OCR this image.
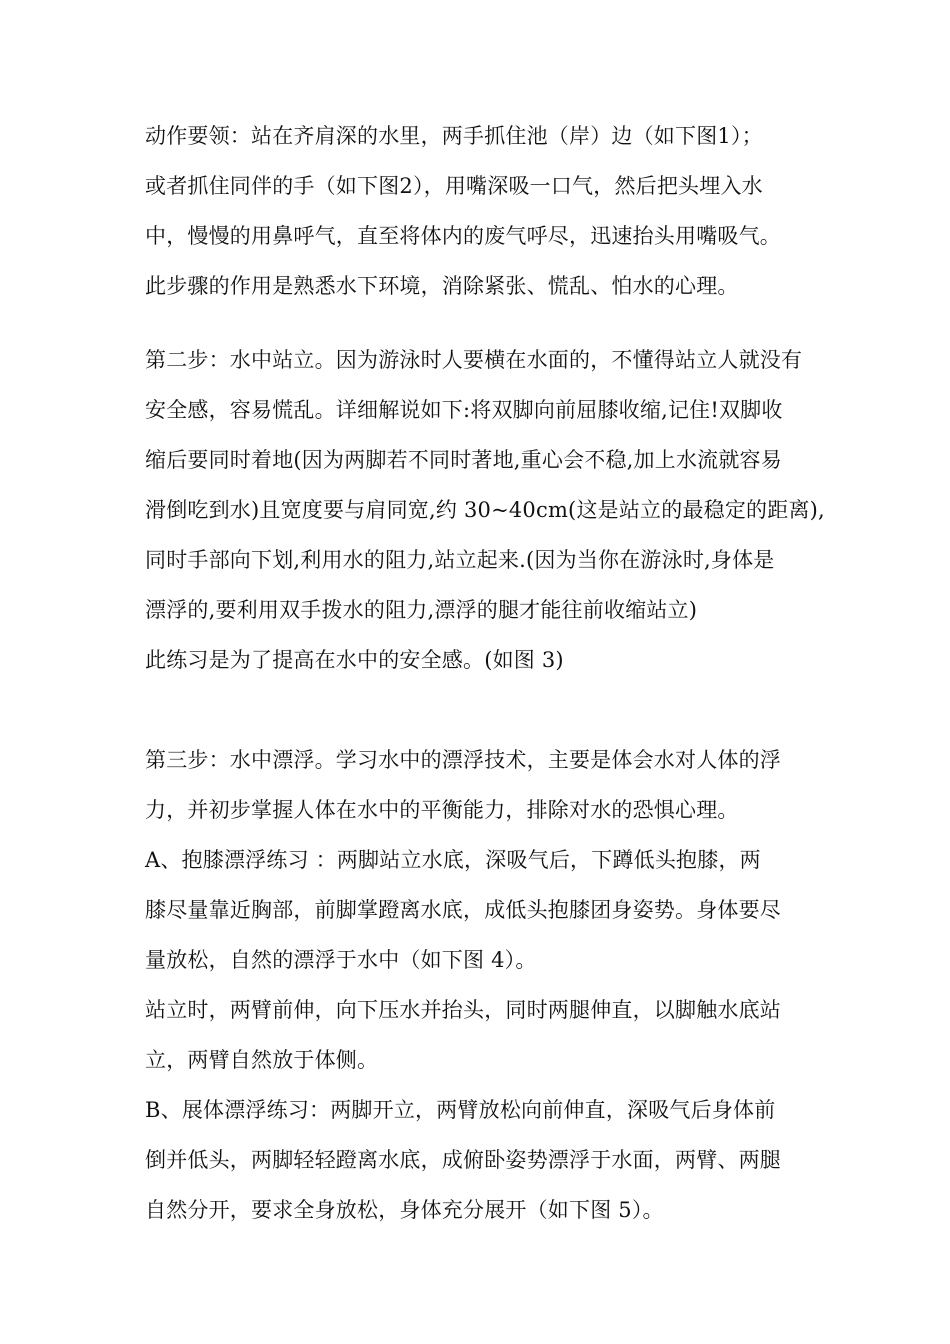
动作要领：站在齐肩深的水里，两手抓住池（岸）边（如下图1）；
或者抓住同伴的手（如下图2），用嘴深吸一口气，然后把头埋入水
中，慢慢的用鼻呼气，直至将体内的废气呼尽，迅速抬头用嘴吸气。
此步骤的作用是熟悉水下环境，消除紧张、慌乱、怕水的心理。
第二步：水中站立。因为游泳时人要横在水面的，不懂得站立人就没有
安全感，容易慌乱。详细解说如下:将双脚向前屈膝收缩,记住!双脚收
缩后要同时着地(因为两脚若不同时著地,重心会不稳,加上水流就容易
滑倒吃到水)且宽度要与肩同宽,约 30~40cm(这是站立的最稳定的距离),
同时手部向下划,利用水的阻力,站立起来.(因为当你在游泳时,身体是
漂浮的,要利用双手拨水的阻力,漂浮的腿才能往前收缩站立)
此练习是为了提高在水中的安全感。(如图 3)
第三步：水中漂浮。学习水中的漂浮技术，主要是体会水对人体的浮
力，并初步掌握人体在水中的平衡能力，排除对水的恐惧心理。
A、抱膝漂浮练习 ：两脚站立水底，深吸气后，下蹲低头抱膝，两
膝尽量靠近胸部，前脚掌蹬离水底，成低头抱膝团身姿势。身体要尽
量放松，自然的漂浮于水中（如下图 4）。
站立时，两臂前伸，向下压水并抬头，同时两腿伸直，以脚触水底站
立，两臂自然放于体侧。
B、展体漂浮练习：两脚开立，两臂放松向前伸直，深吸气后身体前
倒并低头，两脚轻轻蹬离水底，成俯卧姿势漂浮于水面，两臂、两腿
自然分开，要求全身放松，身体充分展开（如下图 5）。
